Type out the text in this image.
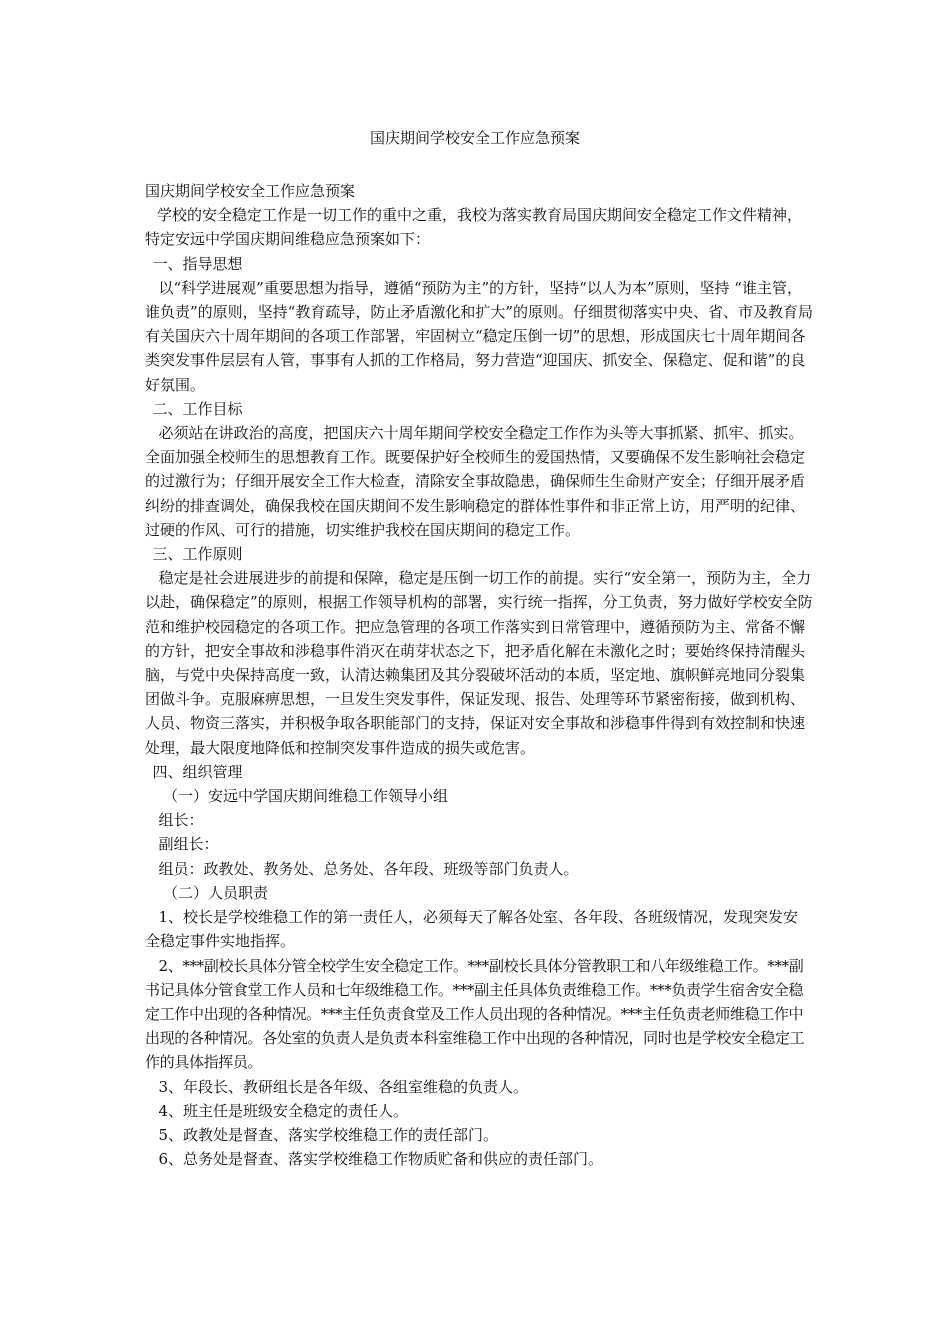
国庆期间学校安全工作应急预案

国庆期间学校安全工作应急预案

学校的安全稳定工作是一切工作的重中之重，我校为落实教育局国庆期间安全稳定工作文件精神，特定安远中学国庆期间维稳应急预案如下：

一、指导思想

以“科学进展观”重要思想为指导，遵循“预防为主”的方针，坚持“以人为本”原则，坚持 “谁主管，谁负责”的原则，坚持“教育疏导，防止矛盾激化和扩大”的原则。仔细贯彻落实中央、省、市及教育局有关国庆六十周年期间的各项工作部署，牢固树立“稳定压倒一切”的思想，形成国庆七十周年期间各类突发事件层层有人管，事事有人抓的工作格局，努力营造“迎国庆、抓安全、保稳定、促和谐”的良好氛围。

二、工作目标

必须站在讲政治的高度，把国庆六十周年期间学校安全稳定工作作为头等大事抓紧、抓牢、抓实。全面加强全校师生的思想教育工作。既要保护好全校师生的爱国热情，又要确保不发生影响社会稳定的过激行为；仔细开展安全工作大检查，清除安全事故隐患，确保师生生命财产安全；仔细开展矛盾纠纷的排查调处，确保我校在国庆期间不发生影响稳定的群体性事件和非正常上访，用严明的纪律、过硬的作风、可行的措施，切实维护我校在国庆期间的稳定工作。

三、工作原则

稳定是社会进展进步的前提和保障，稳定是压倒一切工作的前提。实行“安全第一，预防为主，全力以赴，确保稳定”的原则，根据工作领导机构的部署，实行统一指挥，分工负责，努力做好学校安全防范和维护校园稳定的各项工作。把应急管理的各项工作落实到日常管理中，遵循预防为主、常备不懈的方针，把安全事故和涉稳事件消灭在萌芽状态之下，把矛盾化解在未激化之时；要始终保持清醒头脑，与党中央保持高度一致，认清达赖集团及其分裂破坏活动的本质，坚定地、旗帜鲜亮地同分裂集团做斗争。克服麻痹思想，一旦发生突发事件，保证发现、报告、处理等环节紧密衔接，做到机构、人员、物资三落实，并积极争取各职能部门的支持，保证对安全事故和涉稳事件得到有效控制和快速处理，最大限度地降低和控制突发事件造成的损失或危害。

四、组织管理

（一）安远中学国庆期间维稳工作领导小组

组长：

副组长：

组员：政教处、教务处、总务处、各年段、班级等部门负责人。

（二）人员职责

1、校长是学校维稳工作的第一责任人，必须每天了解各处室、各年段、各班级情况，发现突发安全稳定事件实地指挥。

2、***副校长具体分管全校学生安全稳定工作。***副校长具体分管教职工和八年级维稳工作。***副书记具体分管食堂工作人员和七年级维稳工作。***副主任具体负责维稳工作。***负责学生宿舍安全稳定工作中出现的各种情况。***主任负责食堂及工作人员出现的各种情况。***主任负责老师维稳工作中出现的各种情况。各处室的负责人是负责本科室维稳工作中出现的各种情况，同时也是学校安全稳定工作的具体指挥员。

3、年段长、教研组长是各年级、各组室维稳的负责人。

4、班主任是班级安全稳定的责任人。

5、政教处是督查、落实学校维稳工作的责任部门。

6、总务处是督查、落实学校维稳工作物质贮备和供应的责任部门。
